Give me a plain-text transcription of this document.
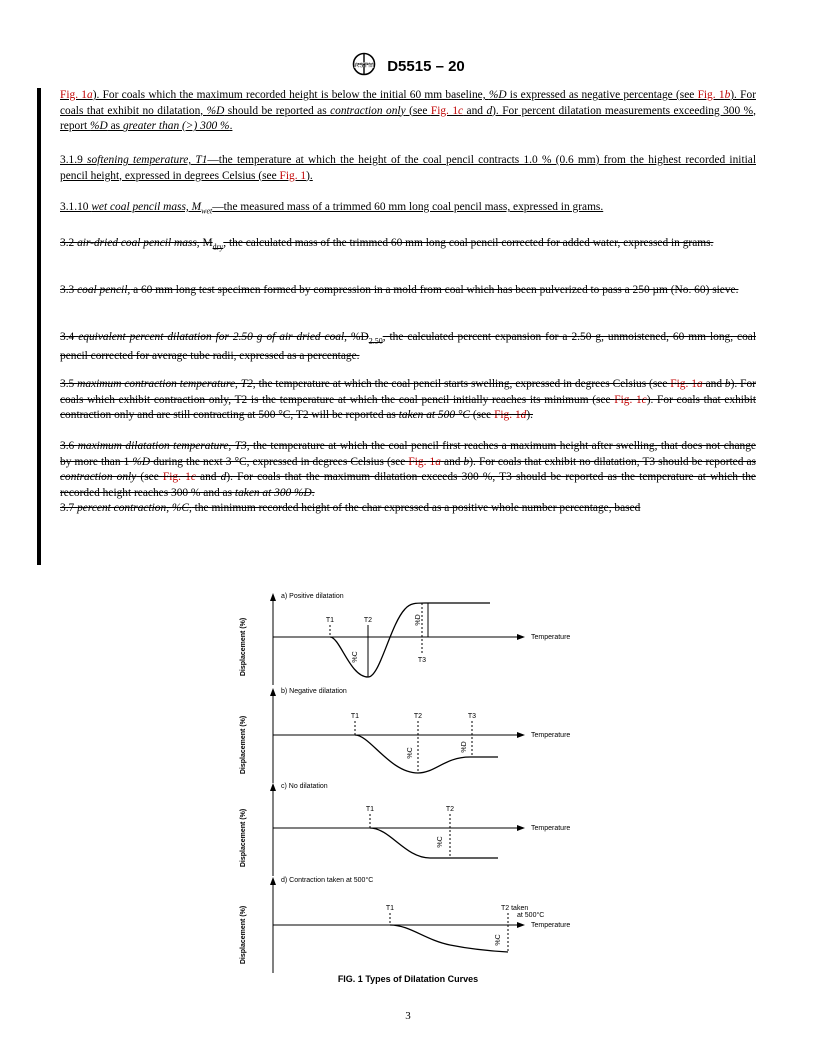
ASTM D5515 – 20
Fig. 1a). For coals which the maximum recorded height is below the initial 60 mm baseline, %D is expressed as negative percentage (see Fig. 1b). For coals that exhibit no dilatation, %D should be reported as contraction only (see Fig. 1c and d). For percent dilatation measurements exceeding 300 %, report %D as greater than (>) 300 %.
3.1.9 softening temperature, T1—the temperature at which the height of the coal pencil contracts 1.0 % (0.6 mm) from the highest recorded initial pencil height, expressed in degrees Celsius (see Fig. 1).
3.1.10 wet coal pencil mass, $M_{wet}—the$ measured mass of a trimmed 60 mm long coal pencil mass, expressed in grams.
3.2 air-dried coal pencil mass, $M_{dry}$, the calculated mass of the trimmed 60 mm long coal pencil corrected for added water, expressed in grams.
3.3 coal pencil, a 60 mm long test specimen formed by compression in a mold from coal which has been pulverized to pass a 250 µm (No. 60) sieve.
3.4 equivalent percent dilatation for 2.50 g of air dried coal, $\%D_{2.50}$, the calculated percent expansion for a 2.50 g, unmoistened, 60 mm long, coal pencil corrected for average tube radii, expressed as a percentage.
3.5 maximum contraction temperature, T2, the temperature at which the coal pencil starts swelling, expressed in degrees Celsius (see Fig. 1a and b). For coals which exhibit contraction only, T2 is the temperature at which the coal pencil initially reaches its minimum (see Fig. 1c). For coals that exhibit contraction only and are still contracting at 500 °C, T2 will be reported as taken at 500 °C (see Fig. 1d).
3.6 maximum dilatation temperature, T3, the temperature at which the coal pencil first reaches a maximum height after swelling, that does not change by more than 1 %D during the next 3 °C, expressed in degrees Celsius (see Fig. 1a and b). For coals that exhibit no dilatation, T3 should be reported as contraction only (see Fig. 1c and d). For coals that the maximum dilatation exceeds 300 %, T3 should be reported as the temperature at which the recorded height reaches 300 % and as taken at 300 %D.
3.7 percent contraction, %C, the minimum recorded height of the char expressed as a positive whole number percentage, based
Temperature
Displacement (%)
a) Positive dilatation
Temperature
Displacement (%)
b) Negative dilatation
Temperature
Displacement (%)
c) No dilatation
Temperature
Displacement (%)
d) Contraction taken at 500°C
T1	T2
%C	T3
%D
T1	T2
%C
T3
%D
T1	T2
%C
T1	T2 taken
at 500°C
%C
FIG. 1 Types of Dilatation Curves
3
